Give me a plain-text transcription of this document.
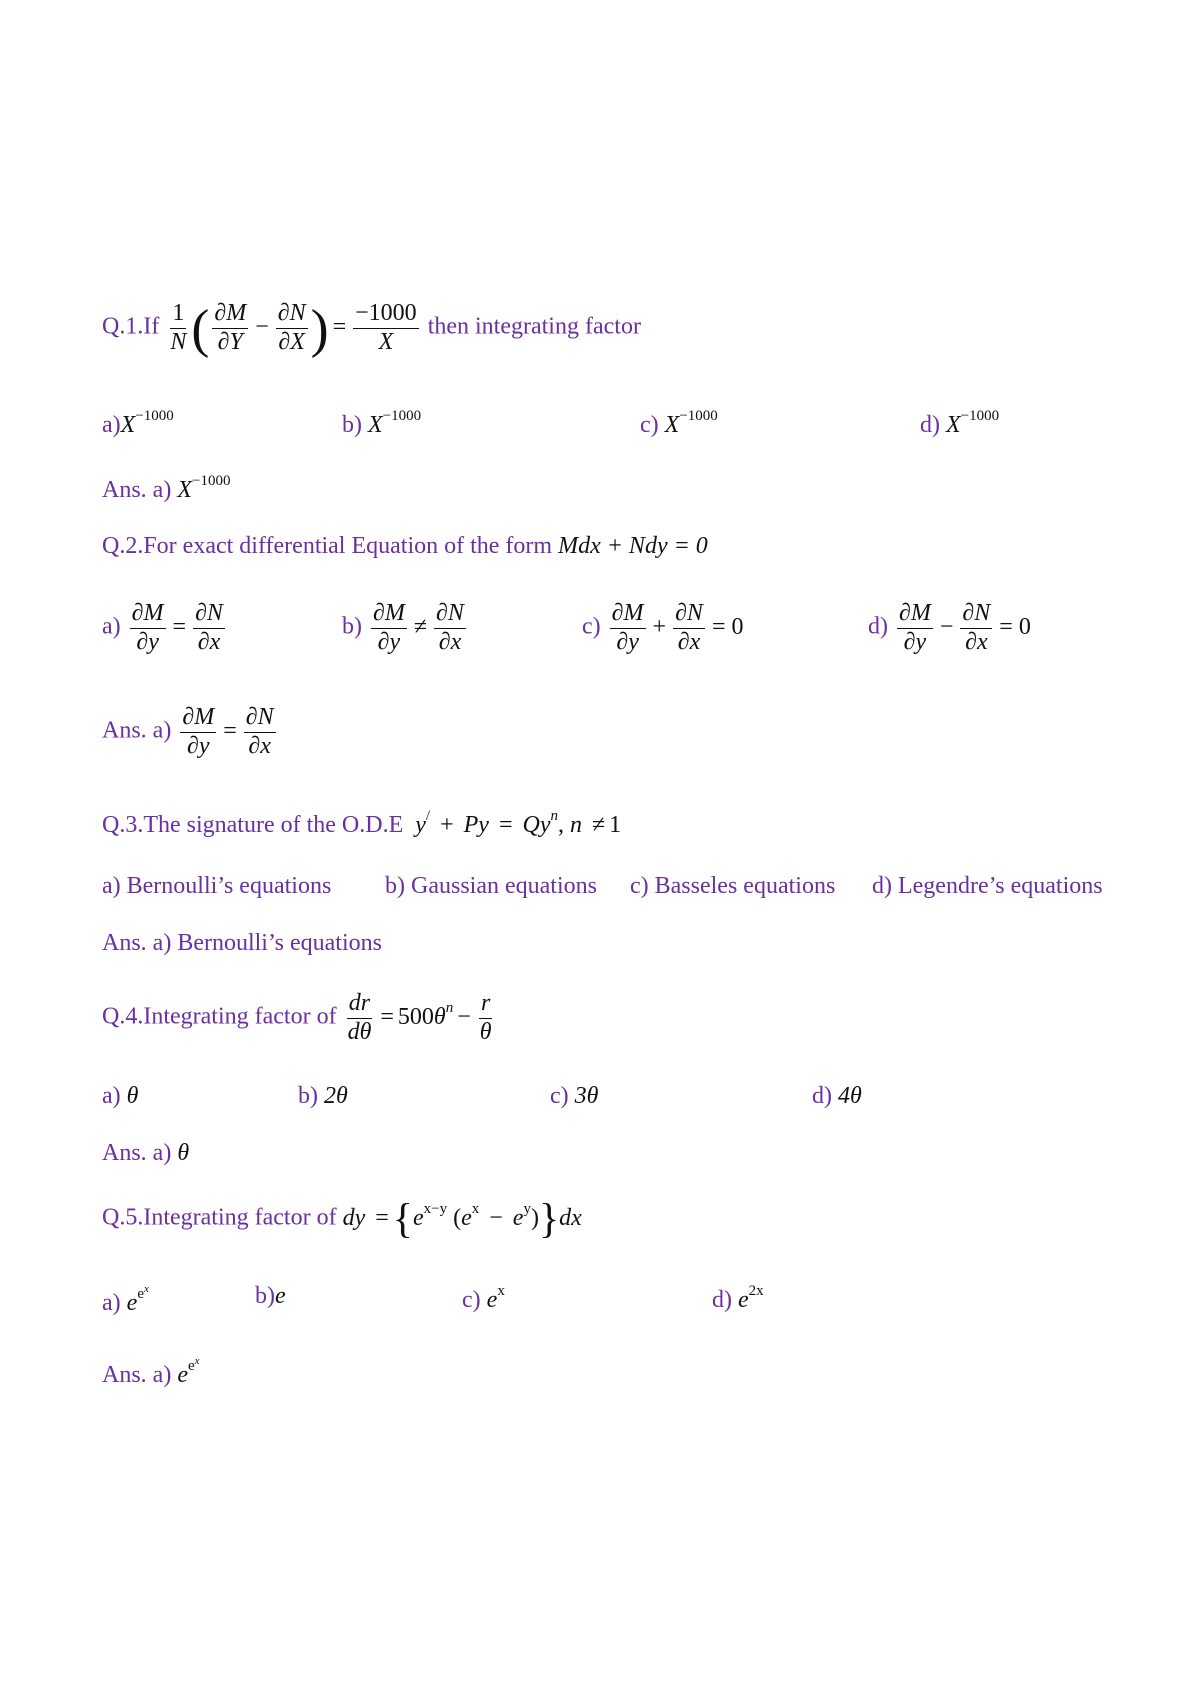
$Q.1.If \frac{1}{N}$ ( $\frac{\partial M}{\partial Y} - \frac{\partial N}{\partial X}$ ) = $\frac{-1000}{X}$ then integrating factor
$a)X^{-1000}$	b) $X^{-1000}$	c) $X^{-1000}$	d) $X^{-1000}$
Ans. a) $X^{-1000}$
Q.2.For exact differential Equation of the form Mdx + Ndy = 0
$a) \frac{\partial M}{\partial y} = \frac{\partial N}{\partial x}$	$b) \frac{\partial M}{\partial y} \ne \frac{\partial N}{\partial x}$	$c) \frac{\partial M}{\partial y} + \frac{\partial N}{\partial x} = 0$	$d) \frac{\partial M}{\partial y} - \frac{\partial N}{\partial x} = 0$
Ans. $a) \frac{\partial M}{\partial y} = \frac{\partial N}{\partial x}$
Q.3.The signature of the O.D.E  $y^/ + Py = Qy^n$, n ≠ 1
a) Bernoulli’s equations b) Gaussian equations c) Basseles equations d) Legendre’s equations
Ans. a) Bernoulli’s equations
Q.4.Integrating factor of $\frac{dr}{d\theta} = 500\theta^n - \frac{r}{\theta}$
a) θ	b) 2θ	c) 3θ	d) 4θ
Ans. a) θ
Q.5.Integrating factor of dy $=\{e^{x-y}$ $(e^x - e^y)\}dx$
a) $e^{e^x}$	b)e	c) $e^x$	d) $e^{2x}$
Ans. a) $e^{e^x}$
